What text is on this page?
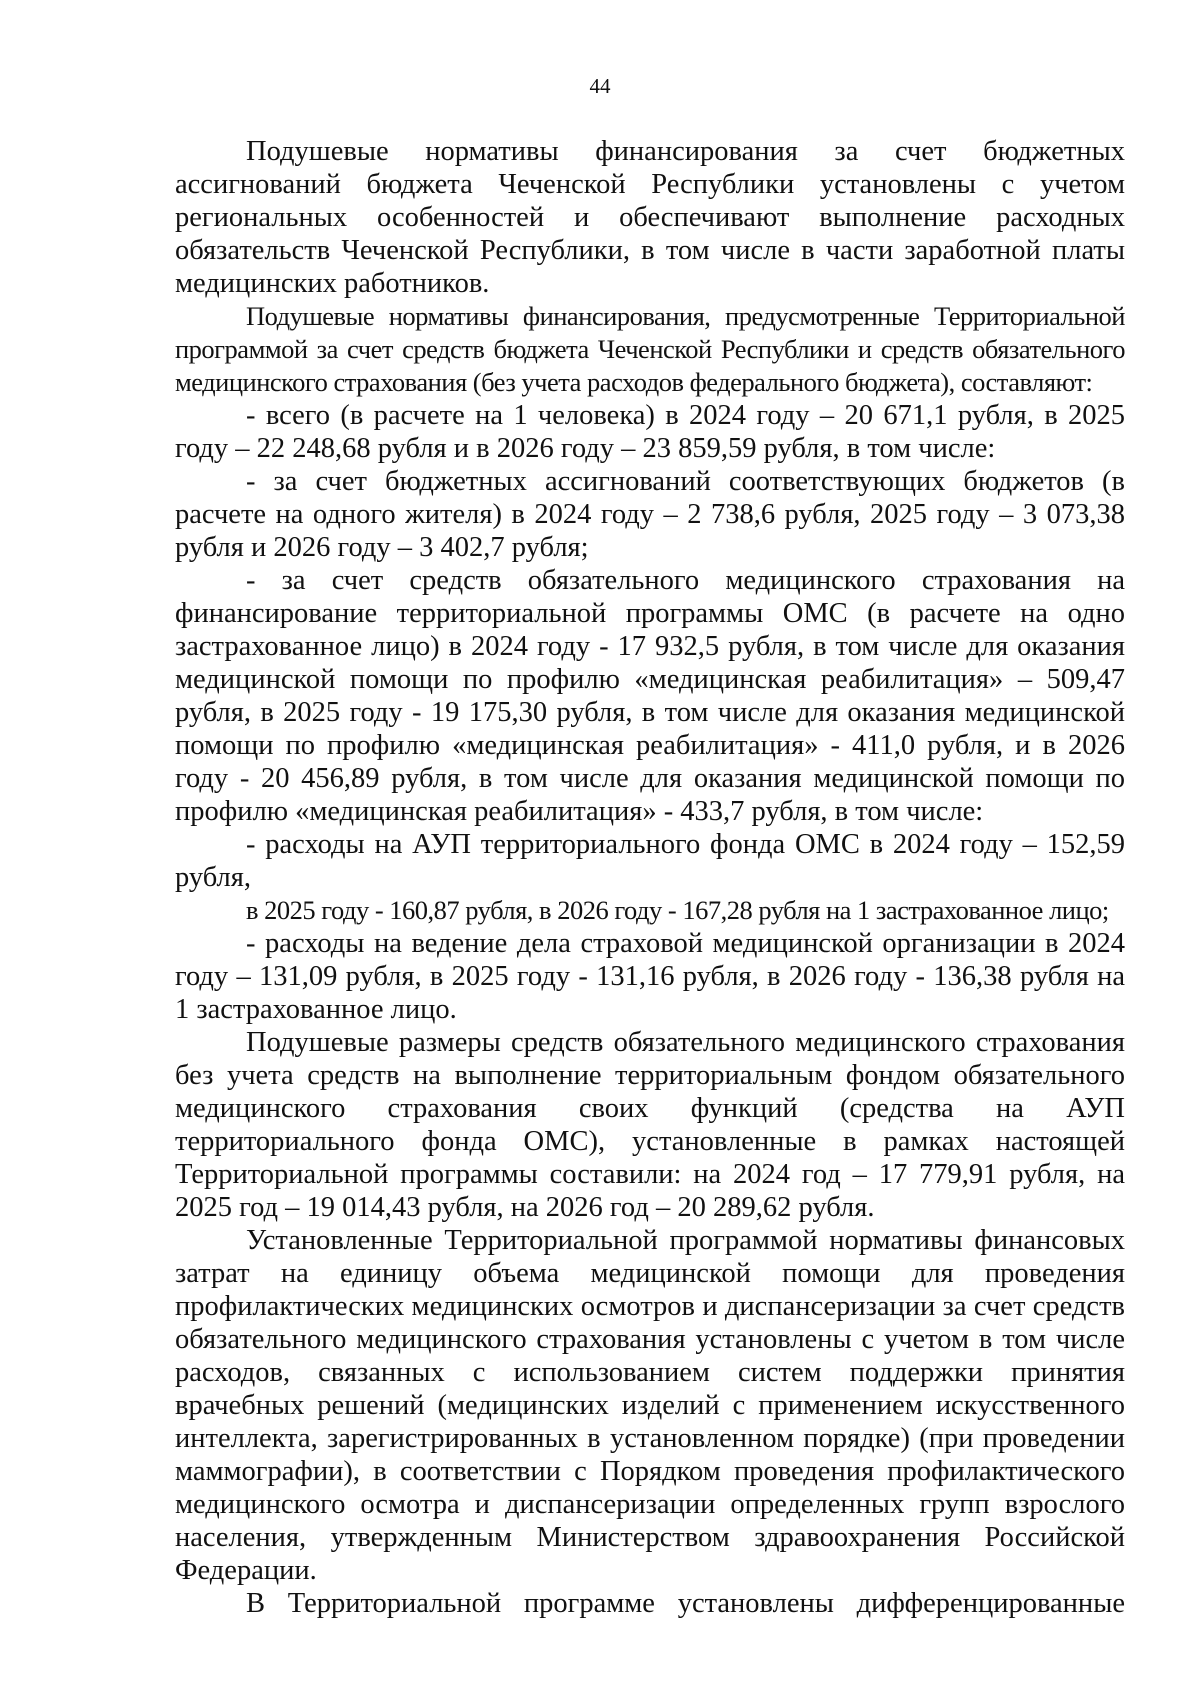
44

Подушевые нормативы финансирования за счет бюджетных ассигнований бюджета Чеченской Республики установлены с учетом региональных особенностей и обеспечивают выполнение расходных обязательств Чеченской Республики, в том числе в части заработной платы медицинских работников.

Подушевые нормативы финансирования, предусмотренные Территориальной программой за счет средств бюджета Чеченской Республики и средств обязательного медицинского страхования (без учета расходов федерального бюджета), составляют:

- всего (в расчете на 1 человека) в 2024 году – 20 671,1 рубля, в 2025 году – 22 248,68 рубля и в 2026 году – 23 859,59 рубля, в том числе:

- за счет бюджетных ассигнований соответствующих бюджетов (в расчете на одного жителя) в 2024 году – 2 738,6 рубля, 2025 году – 3 073,38 рубля и 2026 году – 3 402,7 рубля;

- за счет средств обязательного медицинского страхования на финансирование территориальной программы ОМС (в расчете на одно застрахованное лицо) в 2024 году - 17 932,5 рубля, в том числе для оказания медицинской помощи по профилю «медицинская реабилитация» – 509,47 рубля, в 2025 году - 19 175,30 рубля, в том числе для оказания медицинской помощи по профилю «медицинская реабилитация» - 411,0 рубля, и в 2026 году - 20 456,89 рубля, в том числе для оказания медицинской помощи по профилю «медицинская реабилитация» - 433,7 рубля, в том числе:

- расходы на АУП территориального фонда ОМС в 2024 году – 152,59 рубля,

в 2025 году - 160,87 рубля, в 2026 году - 167,28 рубля на 1 застрахованное лицо;

- расходы на ведение дела страховой медицинской организации в 2024 году – 131,09 рубля, в 2025 году - 131,16 рубля, в 2026 году - 136,38 рубля на 1 застрахованное лицо.

Подушевые размеры средств обязательного медицинского страхования без учета средств на выполнение территориальным фондом обязательного медицинского страхования своих функций (средства на АУП территориального фонда ОМС), установленные в рамках настоящей Территориальной программы составили: на 2024 год – 17 779,91 рубля, на 2025 год – 19 014,43 рубля, на 2026 год – 20 289,62 рубля.

Установленные Территориальной программой нормативы финансовых затрат на единицу объема медицинской помощи для проведения профилактических медицинских осмотров и диспансеризации за счет средств обязательного медицинского страхования установлены с учетом в том числе расходов, связанных с использованием систем поддержки принятия врачебных решений (медицинских изделий с применением искусственного интеллекта, зарегистрированных в установленном порядке) (при проведении маммографии), в соответствии с Порядком проведения профилактического медицинского осмотра и диспансеризации определенных групп взрослого населения, утвержденным Министерством здравоохранения Российской Федерации.

В Территориальной программе установлены дифференцированные
